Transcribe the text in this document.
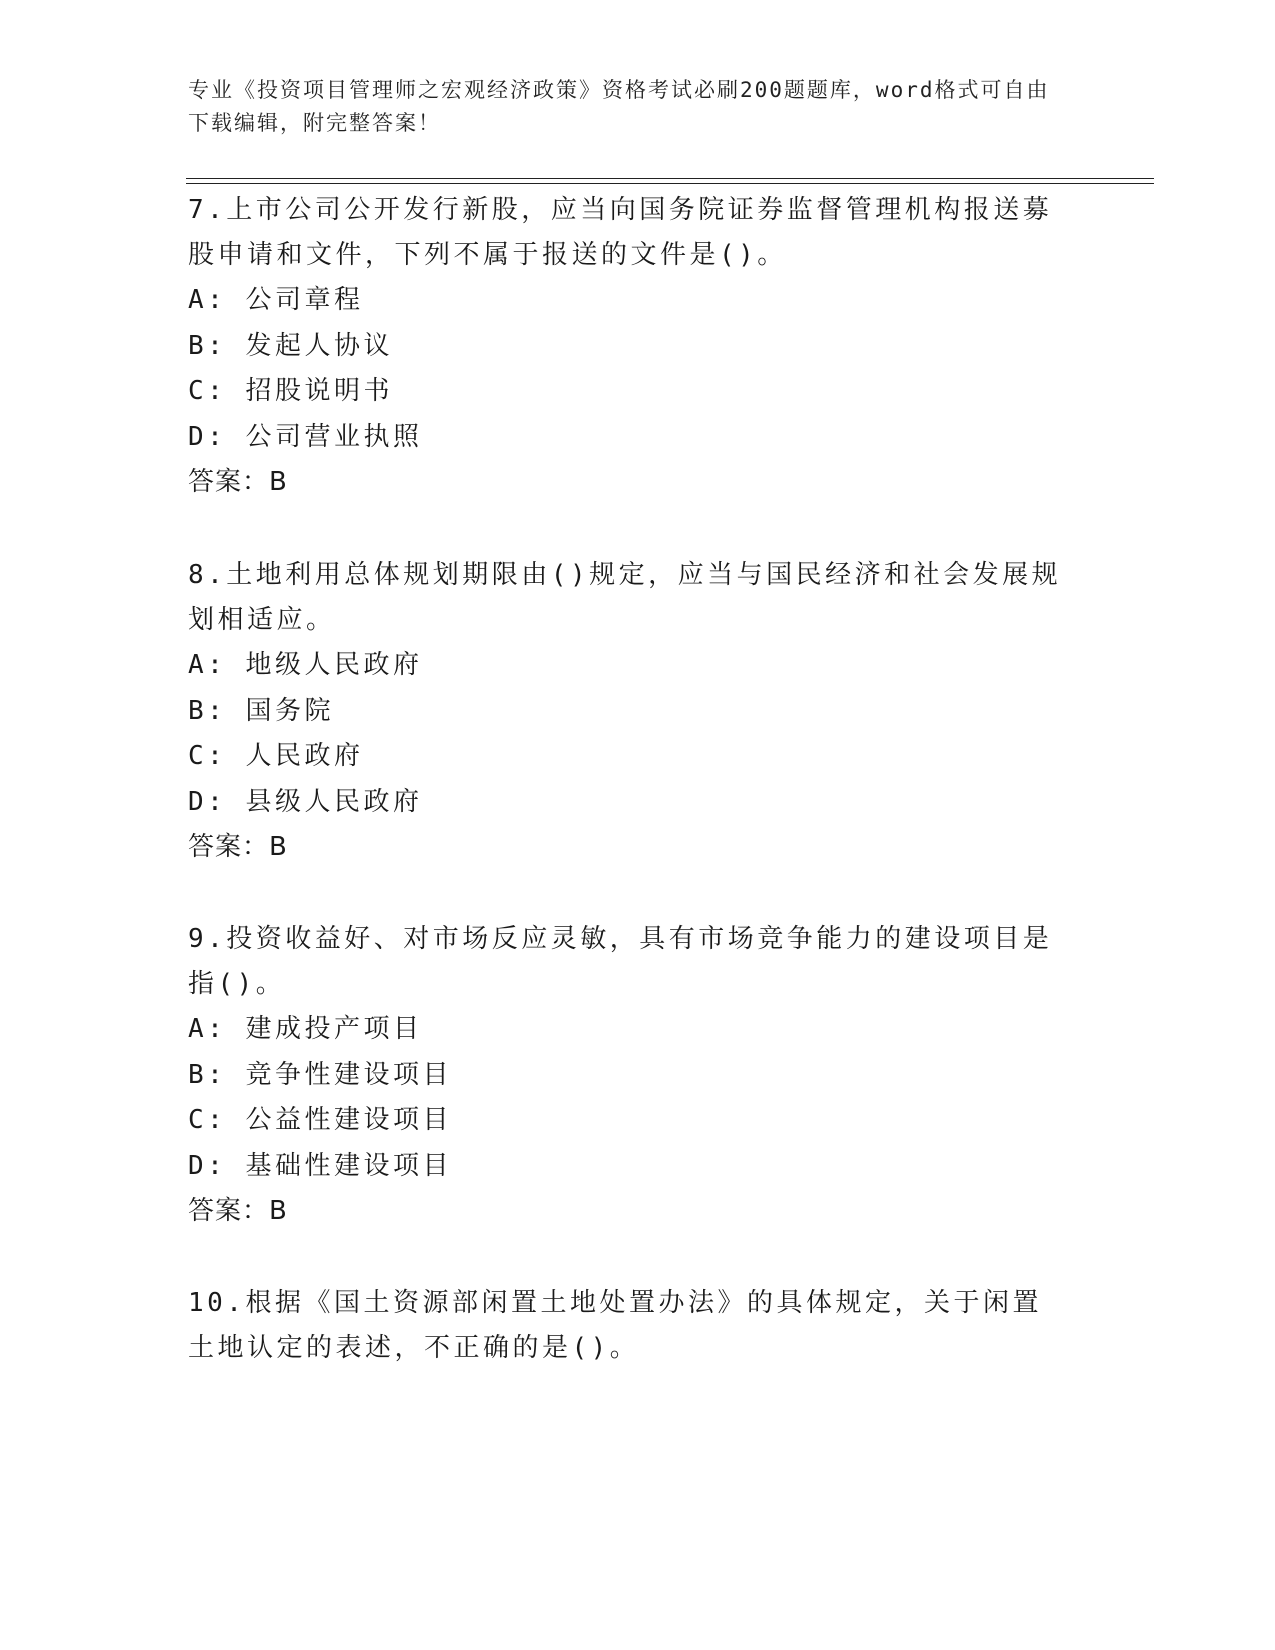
专业《投资项目管理师之宏观经济政策》资格考试必刷200题题库，word格式可自由下载编辑，附完整答案！

7.上市公司公开发行新股，应当向国务院证券监督管理机构报送募股申请和文件，下列不属于报送的文件是()。

A: 公司章程
B: 发起人协议
C: 招股说明书
D: 公司营业执照
答案：B

8.土地利用总体规划期限由()规定，应当与国民经济和社会发展规划相适应。

A: 地级人民政府
B: 国务院
C: 人民政府
D: 县级人民政府
答案：B

9.投资收益好、对市场反应灵敏，具有市场竞争能力的建设项目是指()。

A: 建成投产项目
B: 竞争性建设项目
C: 公益性建设项目
D: 基础性建设项目
答案：B

10.根据《国土资源部闲置土地处置办法》的具体规定，关于闲置土地认定的表述，不正确的是()。
